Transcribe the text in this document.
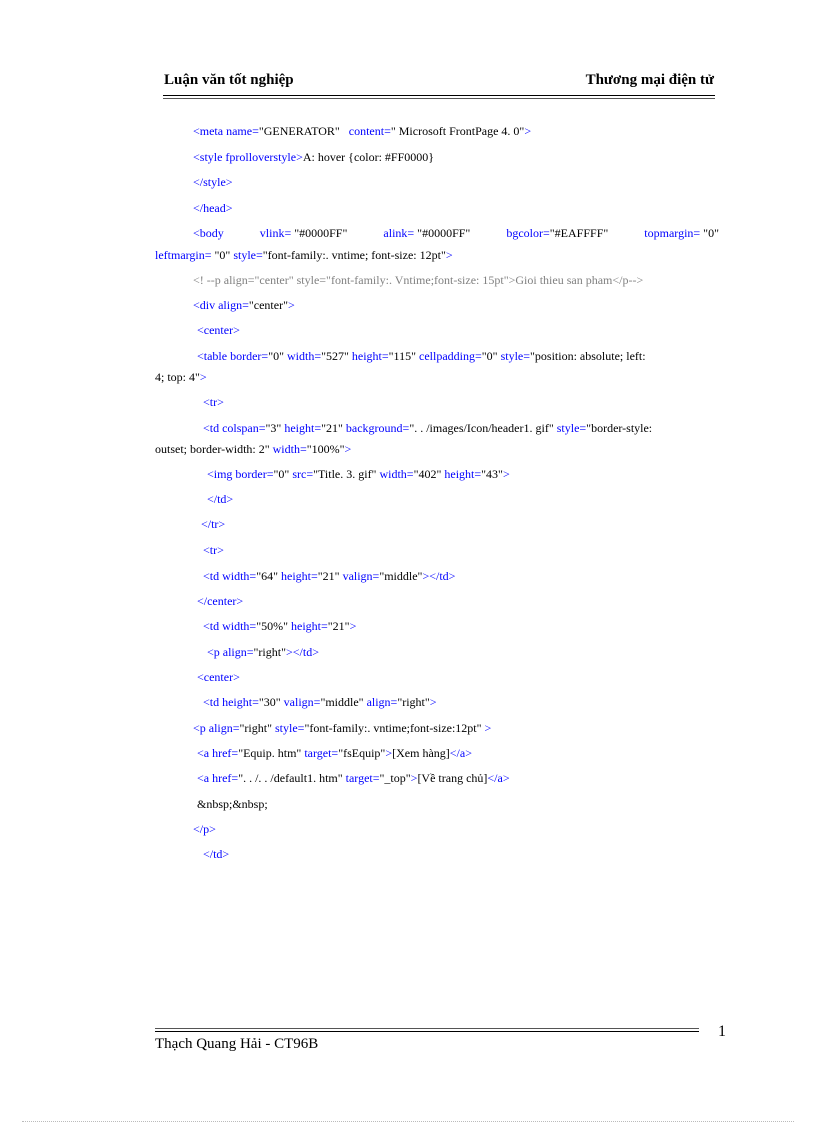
Luận văn tốt nghiệp	Thương mại điện tử
<meta name="GENERATOR" content=" Microsoft FrontPage 4. 0">
<style fprolloverstyle>A: hover {color: #FF0000}
</style>
</head>
<body	vlink= "#0000FF"	alink= "#0000FF"	bgcolor="#EAFFFF"	topmargin= "0"
leftmargin= "0" style="font-family:. vntime; font-size: 12pt">
<! --p align="center" style="font-family:. Vntime;font-size: 15pt">Gioi thieu san pham</p-->
<div align="center">
<center>
<table border="0" width="527" height="115" cellpadding="0" style="position: absolute; left:
4; top: 4">
<tr>
<td colspan="3" height="21" background=". . /images/Icon/header1. gif" style="border-style:
outset; border-width: 2" width="100%">
<img border="0" src="Title. 3. gif" width="402" height="43">
</td>
</tr>
<tr>
<td width="64" height="21" valign="middle"></td>
</center>
<td width="50%" height="21">
<p align="right"></td>
<center>
<td height="30" valign="middle" align="right">
<p align="right" style="font-family:. vntime;font-size:12pt" >
<a href="Equip. htm" target="fsEquip">[Xem hàng]</a>
<a href=". . /. . /default1. htm" target="_top">[Về trang chủ]</a>
&nbsp;&nbsp;
</p>
</td>
Thạch Quang Hải - CT96B
1
